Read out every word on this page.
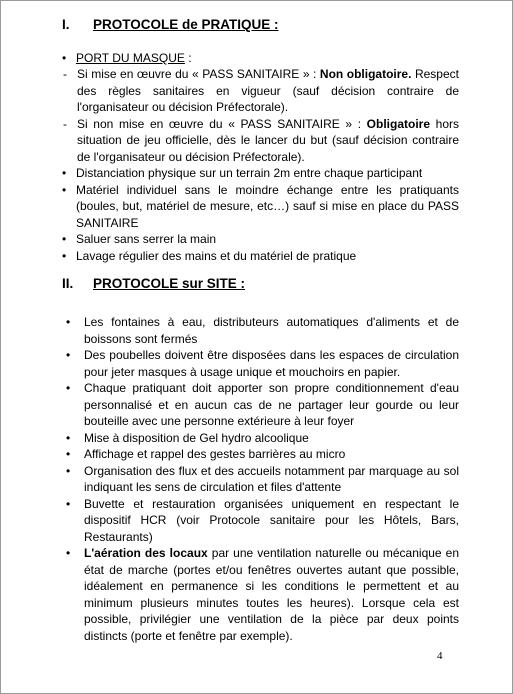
I. PROTOCOLE de PRATIQUE :
• PORT DU MASQUE :
- Si mise en œuvre du « PASS SANITAIRE » : Non obligatoire. Respect des règles sanitaires en vigueur (sauf décision contraire de l'organisateur ou décision Préfectorale).
- Si non mise en œuvre du « PASS SANITAIRE » : Obligatoire hors situation de jeu officielle, dès le lancer du but (sauf décision contraire de l'organisateur ou décision Préfectorale).
• Distanciation physique sur un terrain 2m entre chaque participant
• Matériel individuel sans le moindre échange entre les pratiquants (boules, but, matériel de mesure, etc…) sauf si mise en place du PASS SANITAIRE
• Saluer sans serrer la main
• Lavage régulier des mains et du matériel de pratique
II. PROTOCOLE sur SITE :
• Les fontaines à eau, distributeurs automatiques d'aliments et de boissons sont fermés
• Des poubelles doivent être disposées dans les espaces de circulation pour jeter masques à usage unique et mouchoirs en papier.
• Chaque pratiquant doit apporter son propre conditionnement d'eau personnalisé et en aucun cas de ne partager leur gourde ou leur bouteille avec une personne extérieure à leur foyer
• Mise à disposition de Gel hydro alcoolique
• Affichage et rappel des gestes barrières au micro
• Organisation des flux et des accueils notamment par marquage au sol indiquant les sens de circulation et files d'attente
• Buvette et restauration organisées uniquement en respectant le dispositif HCR (voir Protocole sanitaire pour les Hôtels, Bars, Restaurants)
• L'aération des locaux par une ventilation naturelle ou mécanique en état de marche (portes et/ou fenêtres ouvertes autant que possible, idéalement en permanence si les conditions le permettent et au minimum plusieurs minutes toutes les heures). Lorsque cela est possible, privilégier une ventilation de la pièce par deux points distincts (porte et fenêtre par exemple).
4
